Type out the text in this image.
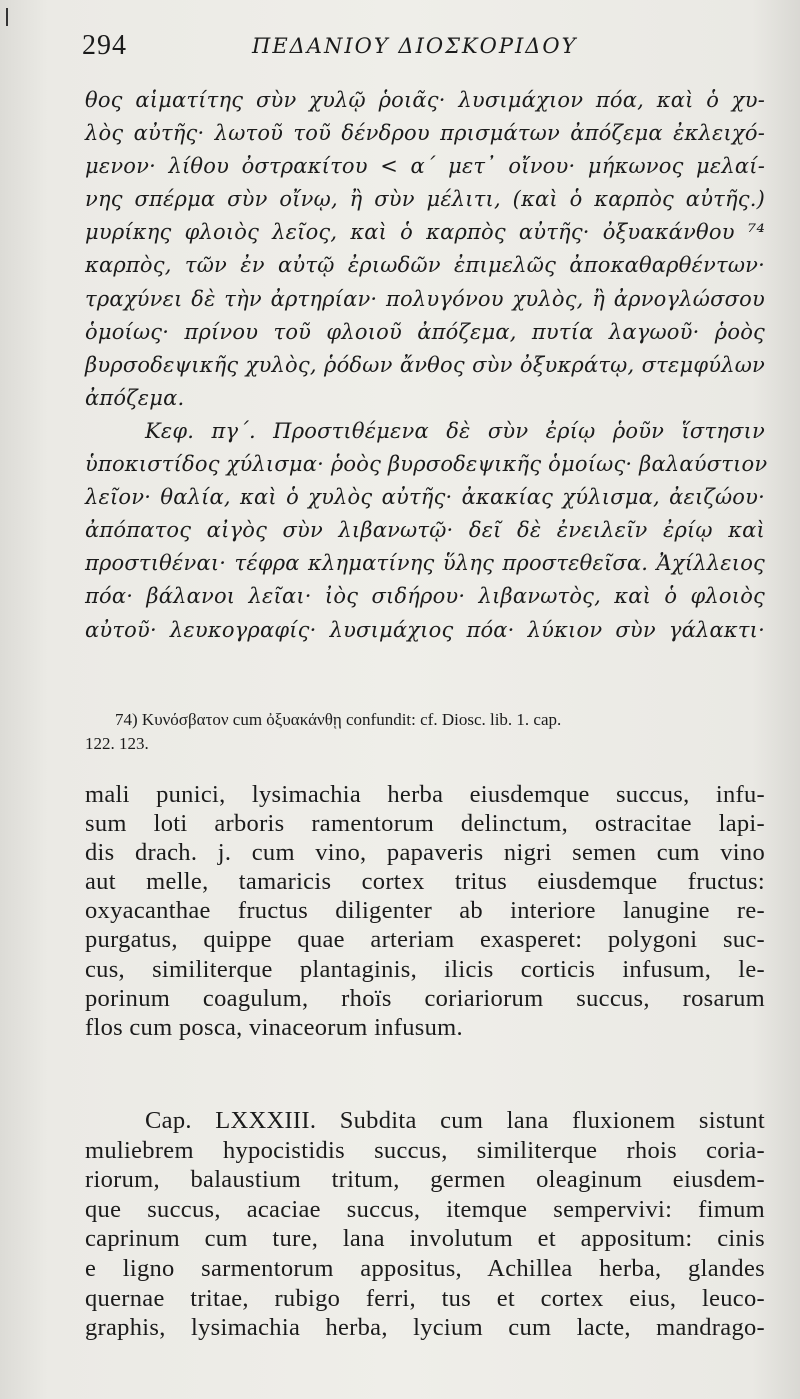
294	ΠΕΔΑΝΙΟΥ ΔΙΟΣΚΟΡΙΔΟΥ
θος αἱματίτης σὺν χυλῷ ῥοιᾶς· λυσιμάχιον πόα, καὶ ὁ χυ-
λὸς αὐτῆς· λωτοῦ τοῦ δένδρου πρισμάτων ἀπόζεμα ἐκλειχό-
μενον· λίθου ὀστρακίτου < α΄ μετ᾽ οἴνου· μήκωνος μελαί-
νης σπέρμα σὺν οἴνῳ, ἢ σὺν μέλιτι, (καὶ ὁ καρπὸς αὐτῆς.)
μυρίκης φλοιὸς λεῖος, καὶ ὁ καρπὸς αὐτῆς· ὀξυακάνθου ⁷⁴
καρπὸς, τῶν ἐν αὐτῷ ἐριωδῶν ἐπιμελῶς ἀποκαθαρθέντων·
τραχύνει δὲ τὴν ἀρτηρίαν· πολυγόνου χυλὸς, ἢ ἀρνογλώσσου
ὁμοίως· πρίνου τοῦ φλοιοῦ ἀπόζεμα, πυτία λαγωοῦ· ῥοὸς
βυρσοδεψικῆς χυλὸς, ῥόδων ἄνθος σὺν ὀξυκράτῳ, στεμφύλων
ἀπόζεμα.
Κεφ. πγ΄. Προστιθέμενα δὲ σὺν ἐρίῳ ῥοῦν ἵστησιν
ὑποκιστίδος χύλισμα· ῥοὸς βυρσοδεψικῆς ὁμοίως· βαλαύστιον
λεῖον· θαλία, καὶ ὁ χυλὸς αὐτῆς· ἀκακίας χύλισμα, ἀειζώου·
ἀπόπατος αἰγὸς σὺν λιβανωτῷ· δεῖ δὲ ἐνειλεῖν ἐρίῳ καὶ
προστιθέναι· τέφρα κληματίνης ὕλης προστεθεῖσα. Ἀχίλλειος
πόα· βάλανοι λεῖαι· ἰὸς σιδήρου· λιβανωτὸς, καὶ ὁ φλοιὸς
αὐτοῦ· λευκογραφίς· λυσιμάχιος πόα· λύκιον σὺν γάλακτι·
74) Κυνόσβατον cum ὀξυακάνθῃ confundit: cf. Diosc. lib. 1. cap.
122. 123.
mali punici, lysimachia herba eiusdemque succus, infu-
sum loti arboris ramentorum delinctum, ostracitae lapi-
dis drach. j. cum vino, papaveris nigri semen cum vino
aut melle, tamaricis cortex tritus eiusdemque fructus:
oxyacanthae fructus diligenter ab interiore lanugine re-
purgatus, quippe quae arteriam exasperet: polygoni suc-
cus, similiterque plantaginis, ilicis corticis infusum, le-
porinum coagulum, rhoïs coriariorum succus, rosarum
flos cum posca, vinaceorum infusum.
Cap. LXXXIII. Subdita cum lana fluxionem sistunt
muliebrem hypocistidis succus, similiterque rhois coria-
riorum, balaustium tritum, germen oleaginum eiusdem-
que succus, acaciae succus, itemque sempervivi: fimum
caprinum cum ture, lana involutum et appositum: cinis
e ligno sarmentorum appositus, Achillea herba, glandes
quernae tritae, rubigo ferri, tus et cortex eius, leuco-
graphis, lysimachia herba, lycium cum lacte, mandrago-
